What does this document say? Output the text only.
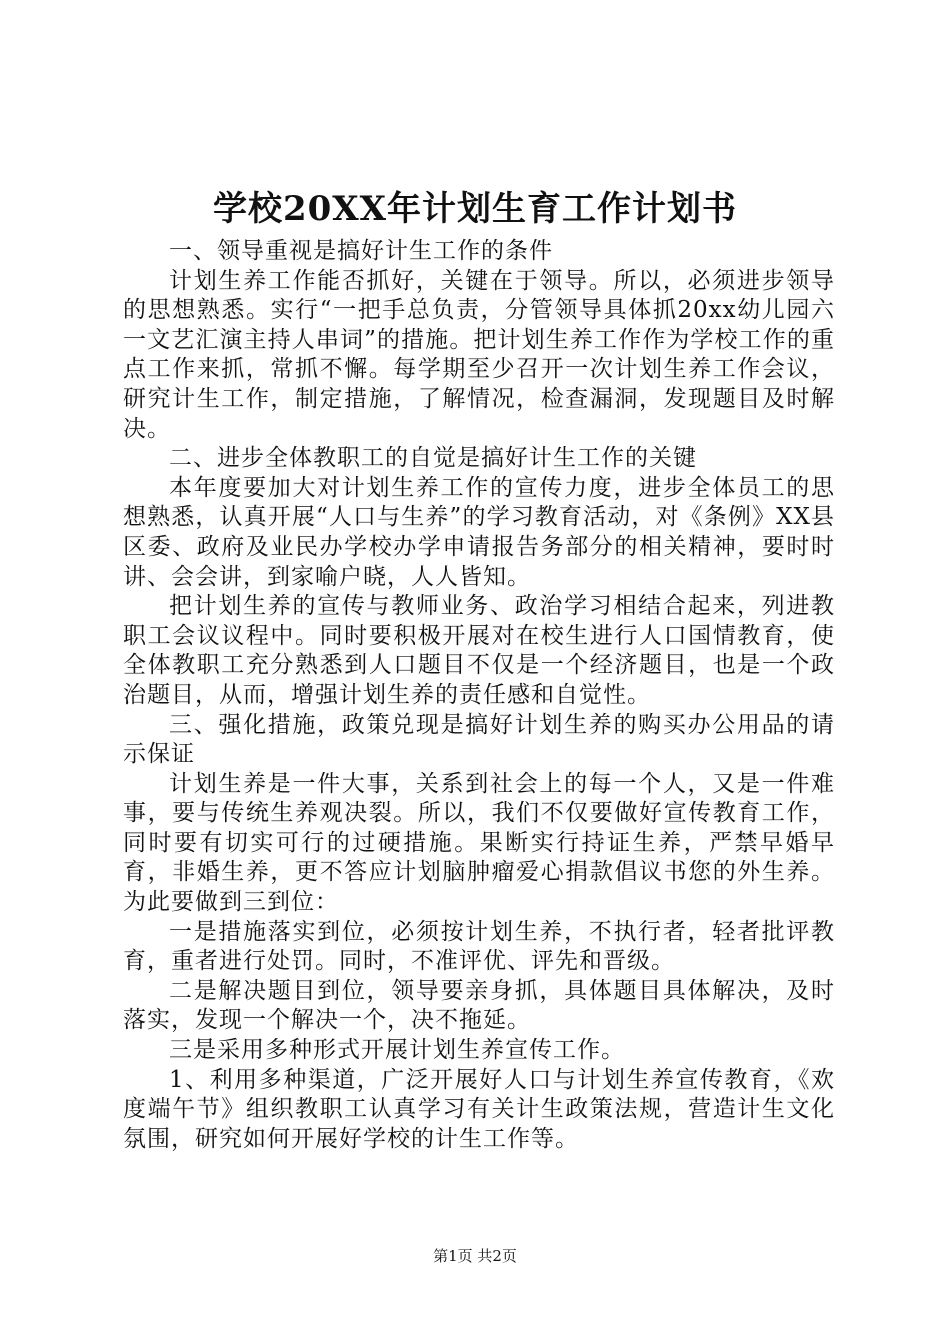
学校20XX年计划生育工作计划书

一、领导重视是搞好计生工作的条件

计划生养工作能否抓好，关键在于领导。所以，必须进步领导的思想熟悉。实行“一把手总负责，分管领导具体抓20xx幼儿园六一文艺汇演主持人串词”的措施。把计划生养工作作为学校工作的重点工作来抓，常抓不懈。每学期至少召开一次计划生养工作会议，研究计生工作，制定措施，了解情况，检查漏洞，发现题目及时解决。

二、进步全体教职工的自觉是搞好计生工作的关键

本年度要加大对计划生养工作的宣传力度，进步全体员工的思想熟悉，认真开展“人口与生养”的学习教育活动，对《条例》XX县区委、政府及业民办学校办学申请报告务部分的相关精神，要时时讲、会会讲，到家喻户晓，人人皆知。

把计划生养的宣传与教师业务、政治学习相结合起来，列进教职工会议议程中。同时要积极开展对在校生进行人口国情教育，使全体教职工充分熟悉到人口题目不仅是一个经济题目，也是一个政治题目，从而，增强计划生养的责任感和自觉性。

三、强化措施，政策兑现是搞好计划生养的购买办公用品的请示保证

计划生养是一件大事，关系到社会上的每一个人，又是一件难事，要与传统生养观决裂。所以，我们不仅要做好宣传教育工作，同时要有切实可行的过硬措施。果断实行持证生养，严禁早婚早育，非婚生养，更不答应计划脑肿瘤爱心捐款倡议书您的外生养。为此要做到三到位：

一是措施落实到位，必须按计划生养，不执行者，轻者批评教育，重者进行处罚。同时，不准评优、评先和晋级。

二是解决题目到位，领导要亲身抓，具体题目具体解决，及时落实，发现一个解决一个，决不拖延。

三是采用多种形式开展计划生养宣传工作。

1、利用多种渠道，广泛开展好人口与计划生养宣传教育，《欢度端午节》组织教职工认真学习有关计生政策法规，营造计生文化氛围，研究如何开展好学校的计生工作等。

第1页 共2页
